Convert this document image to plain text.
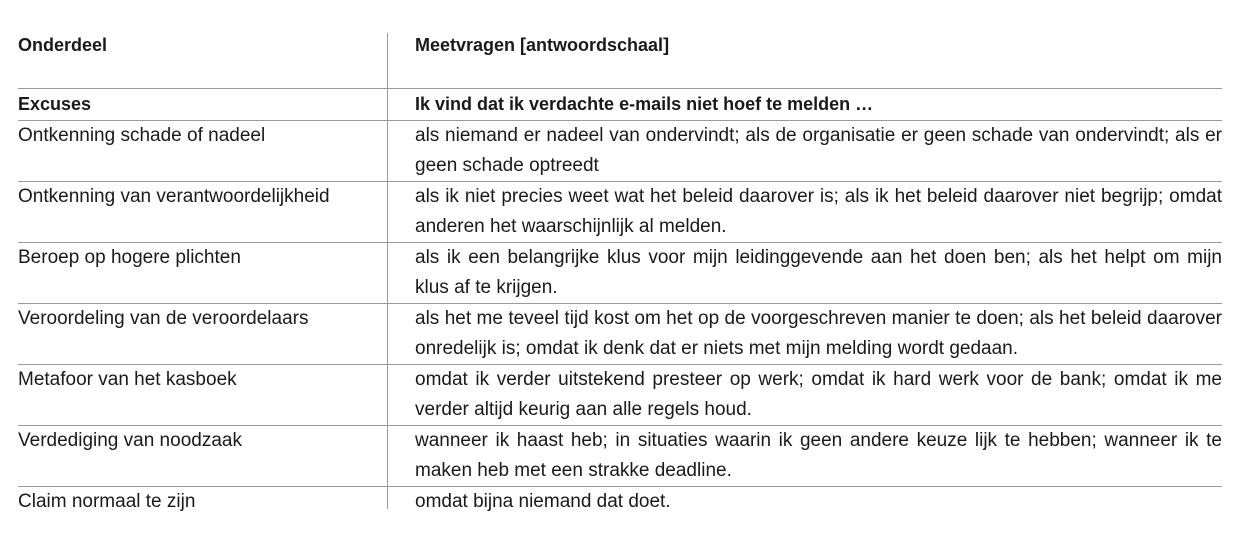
Onderdeel	Meetvragen [antwoordschaal]
Excuses	Ik vind dat ik verdachte e-mails niet hoef te melden …
Ontkenning schade of nadeel	als niemand er nadeel van ondervindt; als de organisatie er geen schade van ondervindt; als er geen schade optreedt
Ontkenning van verantwoordelijkheid	als ik niet precies weet wat het beleid daarover is; als ik het beleid daarover niet begrijp; omdat anderen het waarschijnlijk al melden.
Beroep op hogere plichten	als ik een belangrijke klus voor mijn leidinggevende aan het doen ben; als het helpt om mijn klus af te krijgen.
Veroordeling van de veroordelaars	als het me teveel tijd kost om het op de voorgeschreven manier te doen; als het beleid daarover onredelijk is; omdat ik denk dat er niets met mijn melding wordt gedaan.
Metafoor van het kasboek	omdat ik verder uitstekend presteer op werk; omdat ik hard werk voor de bank; omdat ik me verder altijd keurig aan alle regels houd.
Verdediging van noodzaak	wanneer ik haast heb; in situaties waarin ik geen andere keuze lijk te hebben; wanneer ik te maken heb met een strakke deadline.
Claim normaal te zijn	omdat bijna niemand dat doet.
